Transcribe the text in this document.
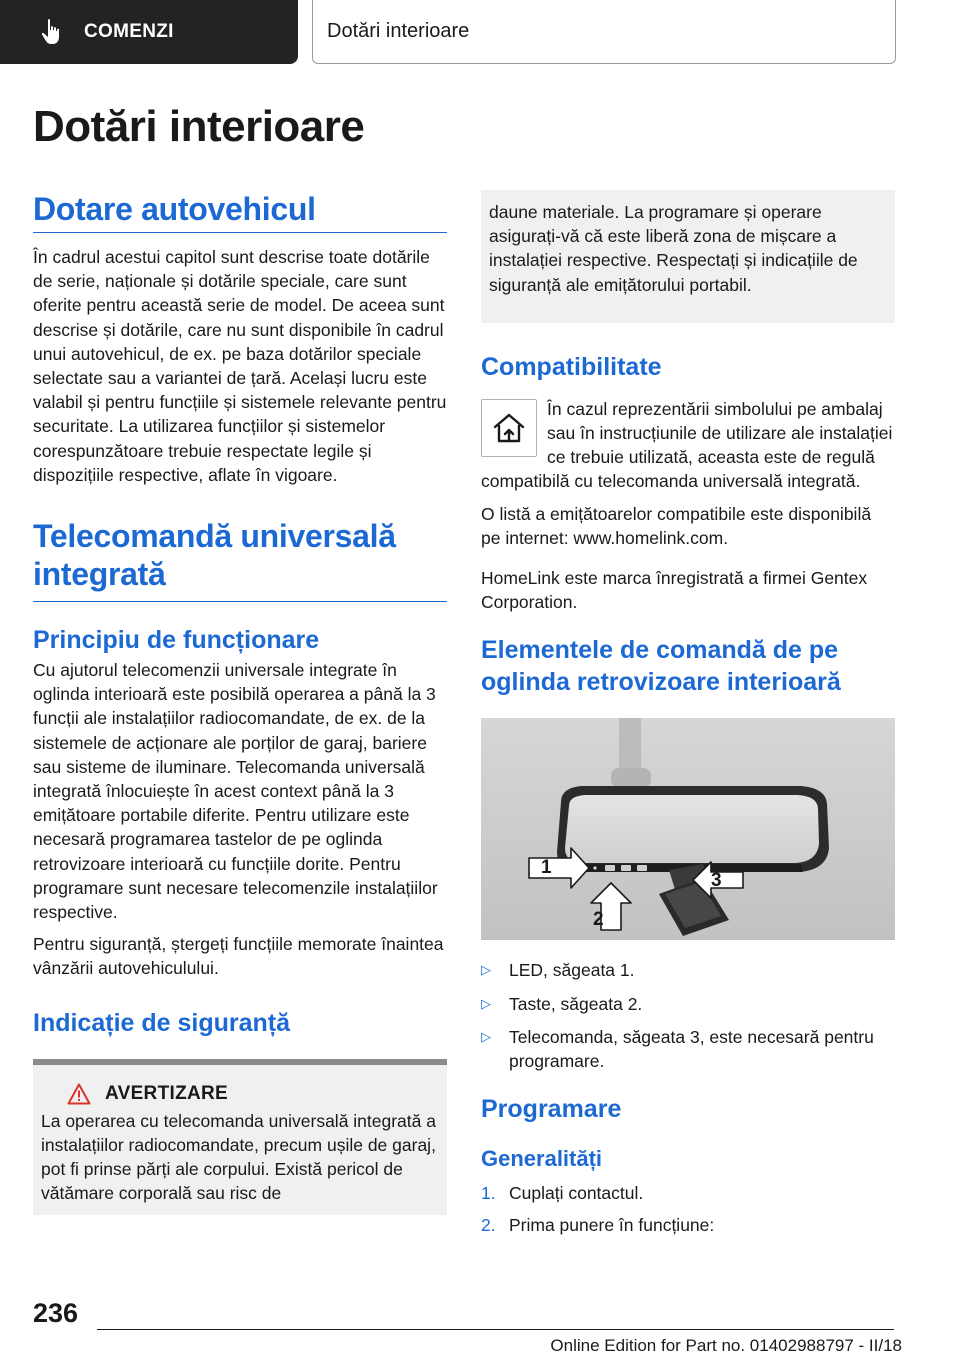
COMENZI	Dotări interioare
Dotări interioare
Dotare autovehicul

În cadrul acestui capitol sunt descrise toate dotările de serie, naționale și dotările speciale, care sunt oferite pentru această serie de model. De aceea sunt descrise și dotările, care nu sunt disponibile în cadrul unui autovehicul, de ex. pe baza dotărilor speciale selectate sau a variantei de țară. Același lucru este valabil și pentru funcțiile și sistemele relevante pentru securitate. La utilizarea funcțiilor și sistemelor corespunzătoare trebuie respectate legile și dispozițiile respective, aflate în vigoare.

Telecomandă universală integrată
Principiu de funcționare

Cu ajutorul telecomenzii universale integrate în oglinda interioară este posibilă operarea a până la 3 funcții ale instalațiilor radiocomandate, de ex. de la sistemele de acționare ale porților de garaj, bariere sau sisteme de iluminare. Telecomanda universală integrată înlocuiește în acest context până la 3 emițătoare portabile diferite. Pentru utilizare este necesară programarea tastelor de pe oglinda retrovizoare interioară cu funcțiile dorite. Pentru programare sunt necesare telecomenzile instalațiilor respective.

Pentru siguranță, ștergeți funcțiile memorate înaintea vânzării autovehiculului.

Indicație de siguranță
AVERTIZARE

La operarea cu telecomanda universală integrată a instalațiilor radiocomandate, precum ușile de garaj, pot fi prinse părți ale corpului. Există pericol de vătămare corporală sau risc de

daune materiale. La programare și operare asigurați-vă că este liberă zona de mișcare a instalației respective. Respectați și indicațiile de siguranță ale emițătorului portabil.

Compatibilitate

În cazul reprezentării simbolului pe ambalaj sau în instrucțiunile de utilizare ale instalației ce trebuie utilizată, aceasta este de regulă compatibilă cu telecomanda universală integrată.

O listă a emițătoarelor compatibile este disponibilă pe internet: www.homelink.com.

HomeLink este marca înregistrată a firmei Gentex Corporation.

Elementele de comandă de pe oglinda retrovizoare interioară
1
2
3
▷ LED, săgeata 1.
▷ Taste, săgeata 2.
▷ Telecomanda, săgeata 3, este necesară pentru programare.
Programare
Generalități
1. Cuplați contactul.
2. Prima punere în funcțiune:
236
Online Edition for Part no. 01402988797 - II/18
